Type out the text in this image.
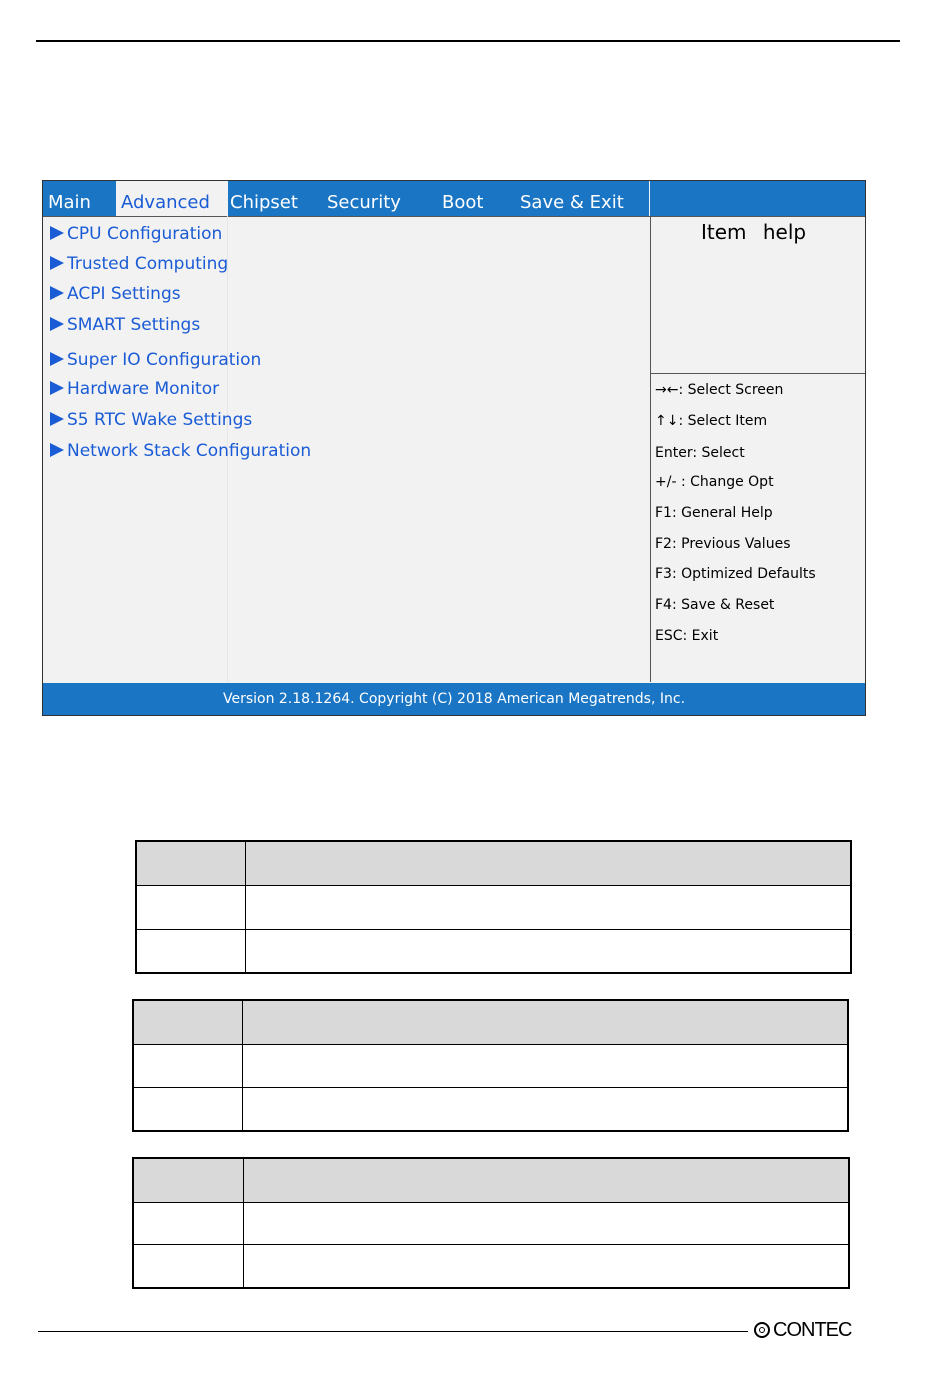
Main Advanced	Chipset Security Boot Save & Exit
CPU Configuration
Trusted Computing
ACPI Settings
SMART Settings
Super IO Configuration
Hardware Monitor
S5 RTC Wake Settings
Network Stack Configuration
Item help
→←: Select Screen
↑↓: Select Item
Enter: Select
+/- : Change Opt
F1: General Help
F2: Previous Values
F3: Optimized Defaults
F4: Save & Reset
ESC: Exit
Version 2.18.1264. Copyright (C) 2018 American Megatrends, Inc.

CONTEC
